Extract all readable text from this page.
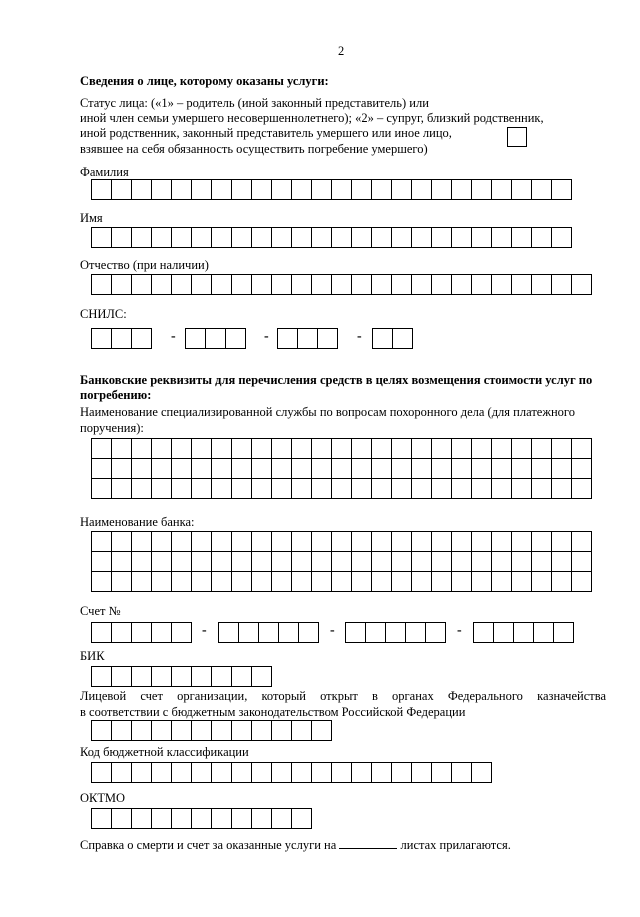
2
Сведения о лице, которому оказаны услуги:
Статус лица: («1» – родитель (иной законный представитель) или
иной член семьи умершего несовершеннолетнего); «2» – супруг, близкий родственник,
иной родственник, законный представитель умершего или иное лицо,
взявшее на себя обязанность осуществить погребение умершего)
Фамилия
Имя
Отчество (при наличии)
СНИЛС:
-	-	-
Банковские реквизиты для перечисления средств в целях возмещения стоимости услуг по
погребению:
Наименование специализированной службы по вопросам похоронного дела (для платежного
поручения):
Наименование банка:
Счет №
-	-	-
БИК
Лицевой счет организации, который открыт в органах Федерального казначейства
в соответствии с бюджетным законодательством Российской Федерации
Код бюджетной классификации
ОКТМО
Справка о смерти и счет за оказанные услуги на	листах прилагаются.
